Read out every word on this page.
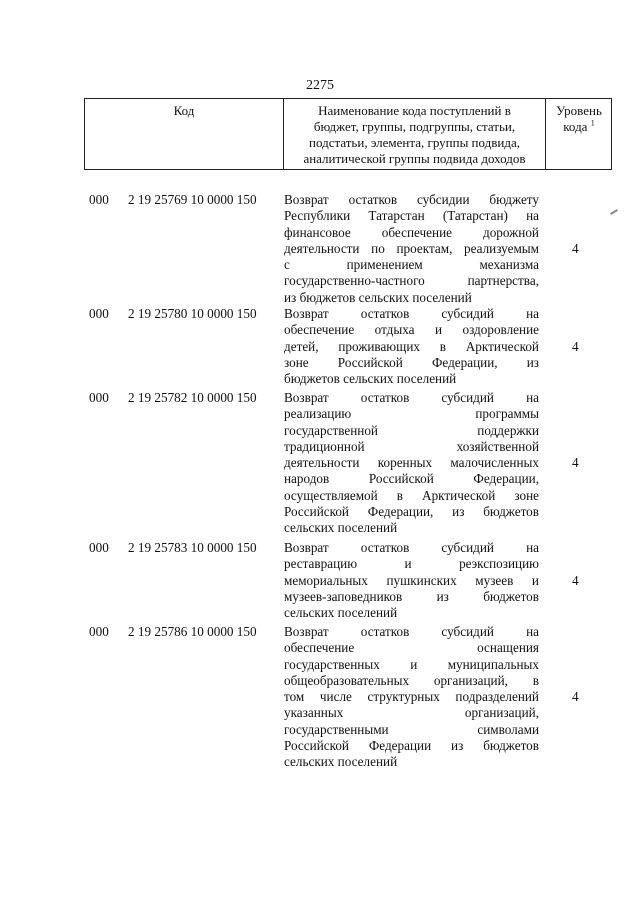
2275
Код	Наименование кода поступлений в
бюджет, группы, подгруппы, статьи,
подстатьи, элемента, группы подвида,
аналитической группы подвида доходов
Уровень
кода $^1$
000	2 19 25769 10 0000 150	Возврат остатков субсидии бюджету
Республики Татарстан (Татарстан) на
финансовое обеспечение дорожной
деятельности по проектам, реализуемым
с применением механизма
государственно-частного партнерства,
из бюджетов сельских поселений
4
000	2 19 25780 10 0000 150	Возврат остатков субсидий на
обеспечение отдыха и оздоровление
детей, проживающих в Арктической
зоне Российской Федерации, из
бюджетов сельских поселений
4
000	2 19 25782 10 0000 150	Возврат остатков субсидий на
реализацию программы
государственной поддержки
традиционной хозяйственной
деятельности коренных малочисленных
народов Российской Федерации,
осуществляемой в Арктической зоне
Российской Федерации, из бюджетов
сельских поселений
4
000	2 19 25783 10 0000 150	Возврат остатков субсидий на
реставрацию и реэкспозицию
мемориальных пушкинских музеев и
музеев-заповедников из бюджетов
сельских поселений
4
000	2 19 25786 10 0000 150	Возврат остатков субсидий на
обеспечение оснащения
государственных и муниципальных
общеобразовательных организаций, в
том числе структурных подразделений
указанных организаций,
государственными символами
Российской Федерации из бюджетов
сельских поселений
4
